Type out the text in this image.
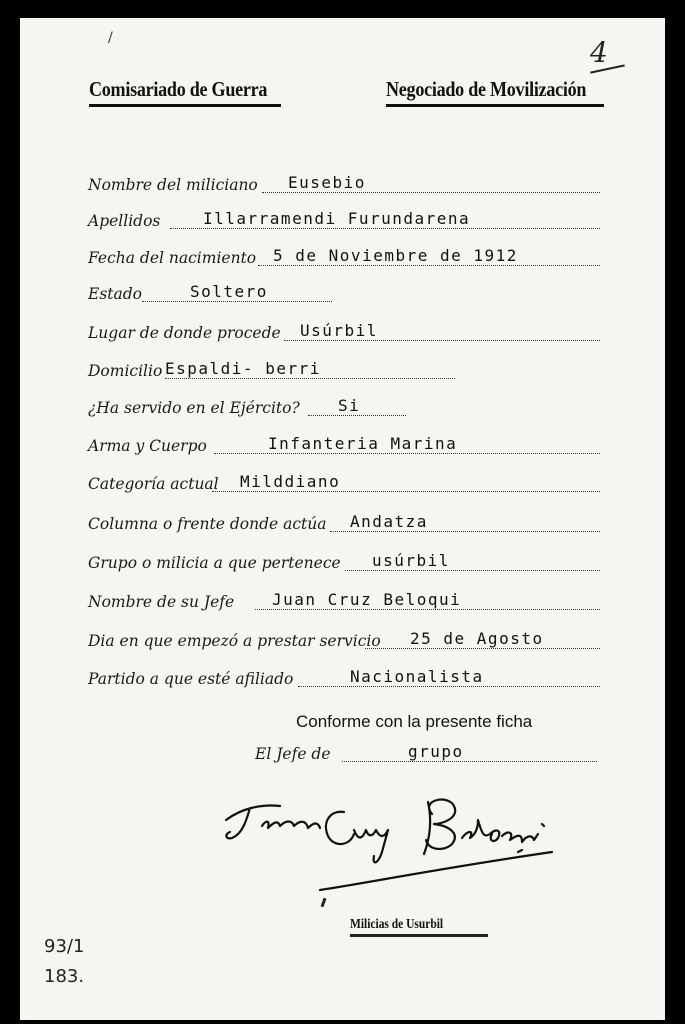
/
Comisariado de Guerra	Negociado de Movilización
4
Nombre del miliciano Eusebio
Apellidos	Illarramendi Furundarena
Fecha del nacimiento 5 de Noviembre de 1912
Estado	Soltero
Lugar de donde procede Usúrbil
Domicilio Espaldi- berri
¿Ha servido en el Ejército? Si
Arma y Cuerpo	Infanteria Marina
Categoría actual Milddiano
Columna o frente donde actúa Andatza
Grupo o milicia a que pertenece usúrbil
Nombre de su Jefe Juan Cruz Beloqui
Dia en que empezó a prestar servicio 25 de Agosto
Partido a que esté afiliado	Nacionalista
Conforme con la presente ficha
El Jefe de	grupo
Milicias de Usurbil
93/1
183.
